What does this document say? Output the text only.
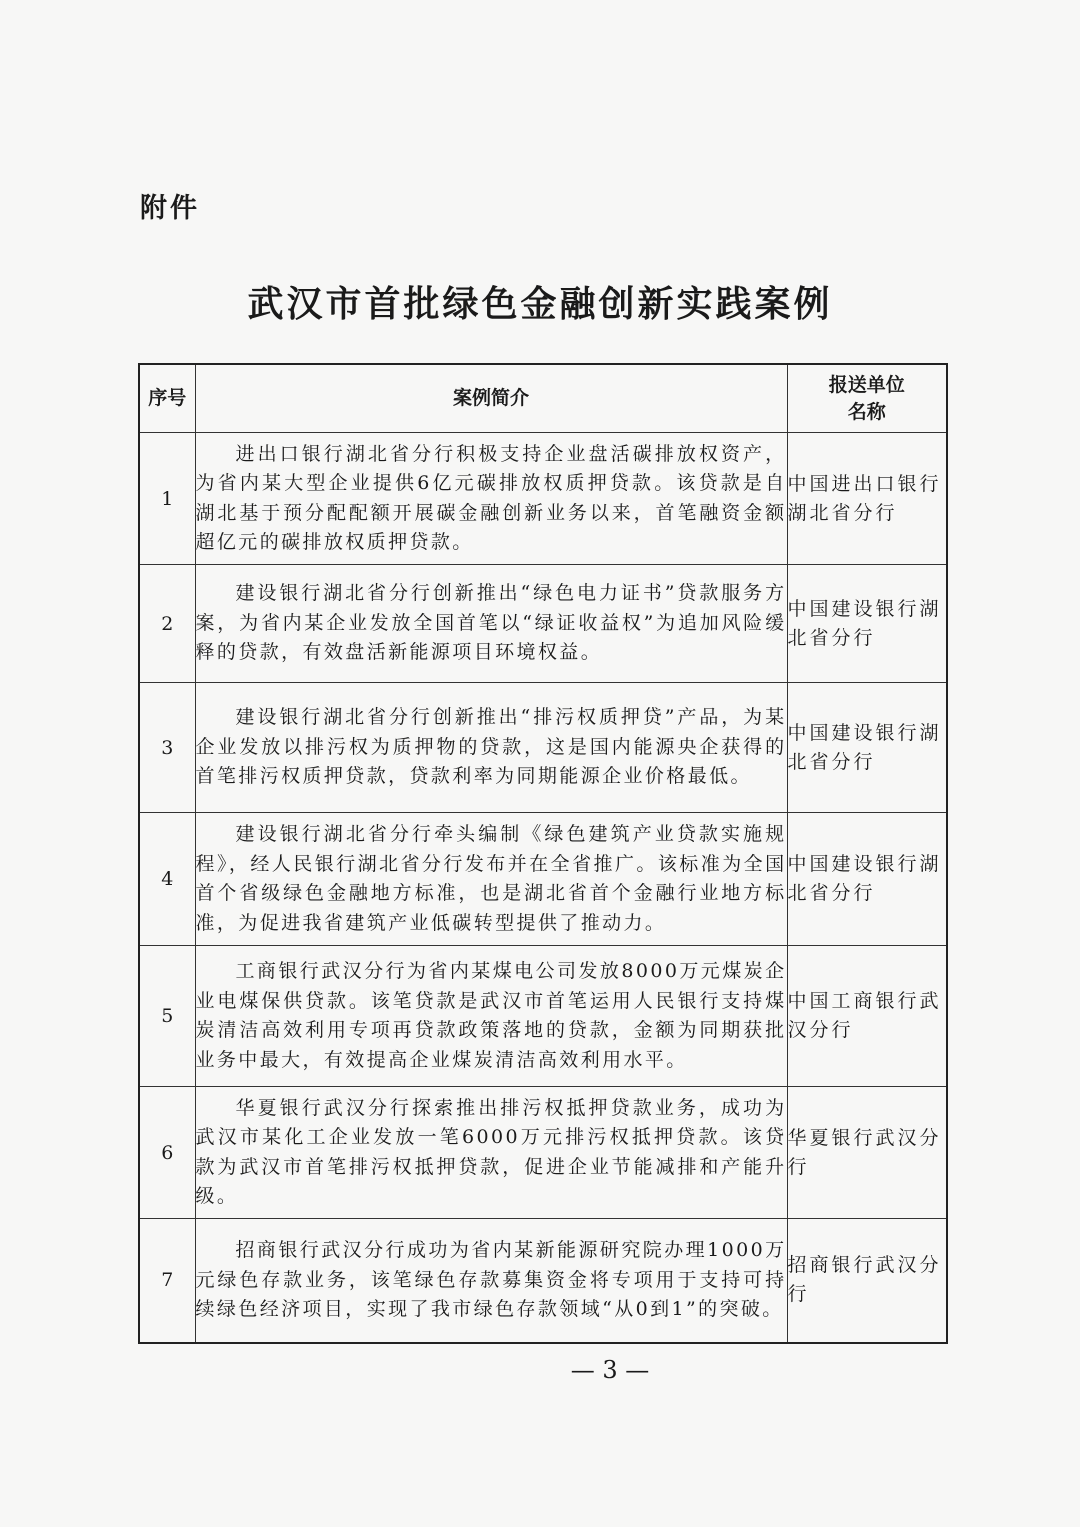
附件
武汉市首批绿色金融创新实践案例
序号	案例简介	报送单位名称
1	进出口银行湖北省分行积极支持企业盘活碳排放权资产，为省内某大型企业提供6亿元碳排放权质押贷款。该贷款是自湖北基于预分配配额开展碳金融创新业务以来，首笔融资金额超亿元的碳排放权质押贷款。	中国进出口银行湖北省分行

2	建设银行湖北省分行创新推出“绿色电力证书”贷款服务方案，为省内某企业发放全国首笔以“绿证收益权”为追加风险缓释的贷款，有效盘活新能源项目环境权益。	中国建设银行湖北省分行

3	建设银行湖北省分行创新推出“排污权质押贷”产品，为某企业发放以排污权为质押物的贷款，这是国内能源央企获得的首笔排污权质押贷款，贷款利率为同期能源企业价格最低。	中国建设银行湖北省分行

4	建设银行湖北省分行牵头编制《绿色建筑产业贷款实施规程》，经人民银行湖北省分行发布并在全省推广。该标准为全国首个省级绿色金融地方标准，也是湖北省首个金融行业地方标准，为促进我省建筑产业低碳转型提供了推动力。	中国建设银行湖北省分行

5	工商银行武汉分行为省内某煤电公司发放8000万元煤炭企业电煤保供贷款。该笔贷款是武汉市首笔运用人民银行支持煤炭清洁高效利用专项再贷款政策落地的贷款，金额为同期获批业务中最大，有效提高企业煤炭清洁高效利用水平。	中国工商银行武汉分行

6	华夏银行武汉分行探索推出排污权抵押贷款业务，成功为武汉市某化工企业发放一笔6000万元排污权抵押贷款。该贷款为武汉市首笔排污权抵押贷款，促进企业节能减排和产能升级。	华夏银行武汉分行

7	招商银行武汉分行成功为省内某新能源研究院办理1000万元绿色存款业务，该笔绿色存款募集资金将专项用于支持可持续绿色经济项目，实现了我市绿色存款领域“从0到1”的突破。	招商银行武汉分行
— 3 —
